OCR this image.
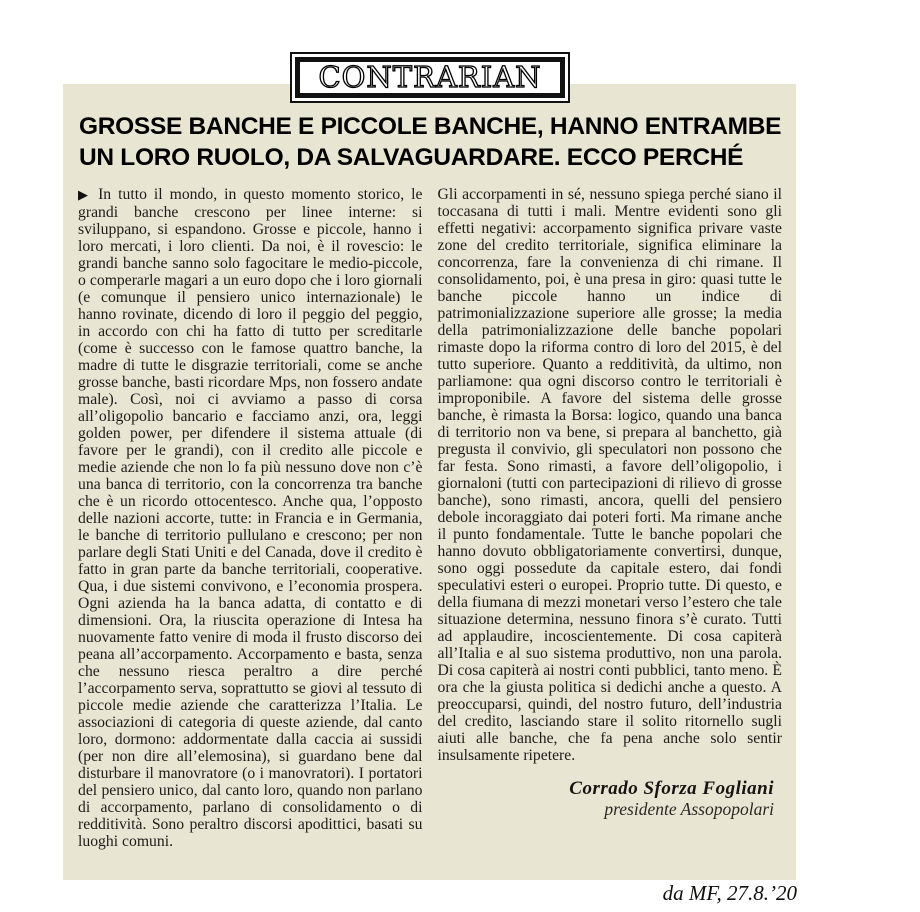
CONTRARIAN
GROSSE BANCHE E PICCOLE BANCHE, HANNO ENTRAMBE
UN LORO RUOLO, DA SALVAGUARDARE. ECCO PERCHÉ
▶ In tutto il mondo, in questo momento storico, le grandi banche crescono per linee interne: si sviluppano, si espandono. Grosse e piccole, hanno i loro mercati, i loro clienti. Da noi, è il rovescio: le grandi banche sanno solo fagocitare le medio-piccole, o comperarle magari a un euro dopo che i loro giornali (e comunque il pensiero unico internazionale) le hanno rovinate, dicendo di loro il peggio del peggio, in accordo con chi ha fatto di tutto per screditarle (come è successo con le famose quattro banche, la madre di tutte le disgrazie territoriali, come se anche grosse banche, basti ricordare Mps, non fossero andate male). Così, noi ci avviamo a passo di corsa all’oligopolio bancario e facciamo anzi, ora, leggi golden power, per difendere il sistema attuale (di favore per le grandi), con il credito alle piccole e medie aziende che non lo fa più nessuno dove non c’è una banca di territorio, con la concorrenza tra banche che è un ricordo ottocentesco. Anche qua, l’opposto delle nazioni accorte, tutte: in Francia e in Germania, le banche di territorio pullulano e crescono; per non parlare degli Stati Uniti e del Canada, dove il credito è fatto in gran parte da banche territoriali, cooperative. Qua, i due sistemi convivono, e l’economia prospera. Ogni azienda ha la banca adatta, di contatto e di dimensioni. Ora, la riuscita operazione di Intesa ha nuovamente fatto venire di moda il frusto discorso dei peana all’accorpamento. Accorpamento e basta, senza che nessuno riesca peraltro a dire perché l’accorpamento serva, soprattutto se giovi al tessuto di piccole medie aziende che caratterizza l’Italia. Le associazioni di categoria di queste aziende, dal canto loro, dormono: addormentate dalla caccia ai sussidi (per non dire all’elemosina), si guardano bene dal disturbare il manovratore (o i manovratori). I portatori del pensiero unico, dal canto loro, quando non parlano di accorpamento, parlano di consolidamento o di redditività. Sono peraltro discorsi apodittici, basati su luoghi comuni.
Gli accorpamenti in sé, nessuno spiega perché siano il toccasana di tutti i mali. Mentre evidenti sono gli effetti negativi: accorpamento significa privare vaste zone del credito territoriale, significa eliminare la concorrenza, fare la convenienza di chi rimane. Il consolidamento, poi, è una presa in giro: quasi tutte le banche piccole hanno un indice di patrimonializzazione superiore alle grosse; la media della patrimonializzazione delle banche popolari rimaste dopo la riforma contro di loro del 2015, è del tutto superiore. Quanto a redditività, da ultimo, non parliamone: qua ogni discorso contro le territoriali è improponibile. A favore del sistema delle grosse banche, è rimasta la Borsa: logico, quando una banca di territorio non va bene, si prepara al banchetto, già pregusta il convivio, gli speculatori non possono che far festa. Sono rimasti, a favore dell’oligopolio, i giornaloni (tutti con partecipazioni di rilievo di grosse banche), sono rimasti, ancora, quelli del pensiero debole incoraggiato dai poteri forti. Ma rimane anche il punto fondamentale. Tutte le banche popolari che hanno dovuto obbligatoriamente convertirsi, dunque, sono oggi possedute da capitale estero, dai fondi speculativi esteri o europei. Proprio tutte. Di questo, e della fiumana di mezzi monetari verso l’estero che tale situazione determina, nessuno finora s’è curato. Tutti ad applaudire, incoscientemente. Di cosa capiterà all’Italia e al suo sistema produttivo, non una parola. Di cosa capiterà ai nostri conti pubblici, tanto meno. È ora che la giusta politica si dedichi anche a questo. A preoccuparsi, quindi, del nostro futuro, dell’industria del credito, lasciando stare il solito ritornello sugli aiuti alle banche, che fa pena anche solo sentir insulsamente ripetere.
Corrado Sforza Fogliani
presidente Assopopolari
da MF, 27.8.’20
